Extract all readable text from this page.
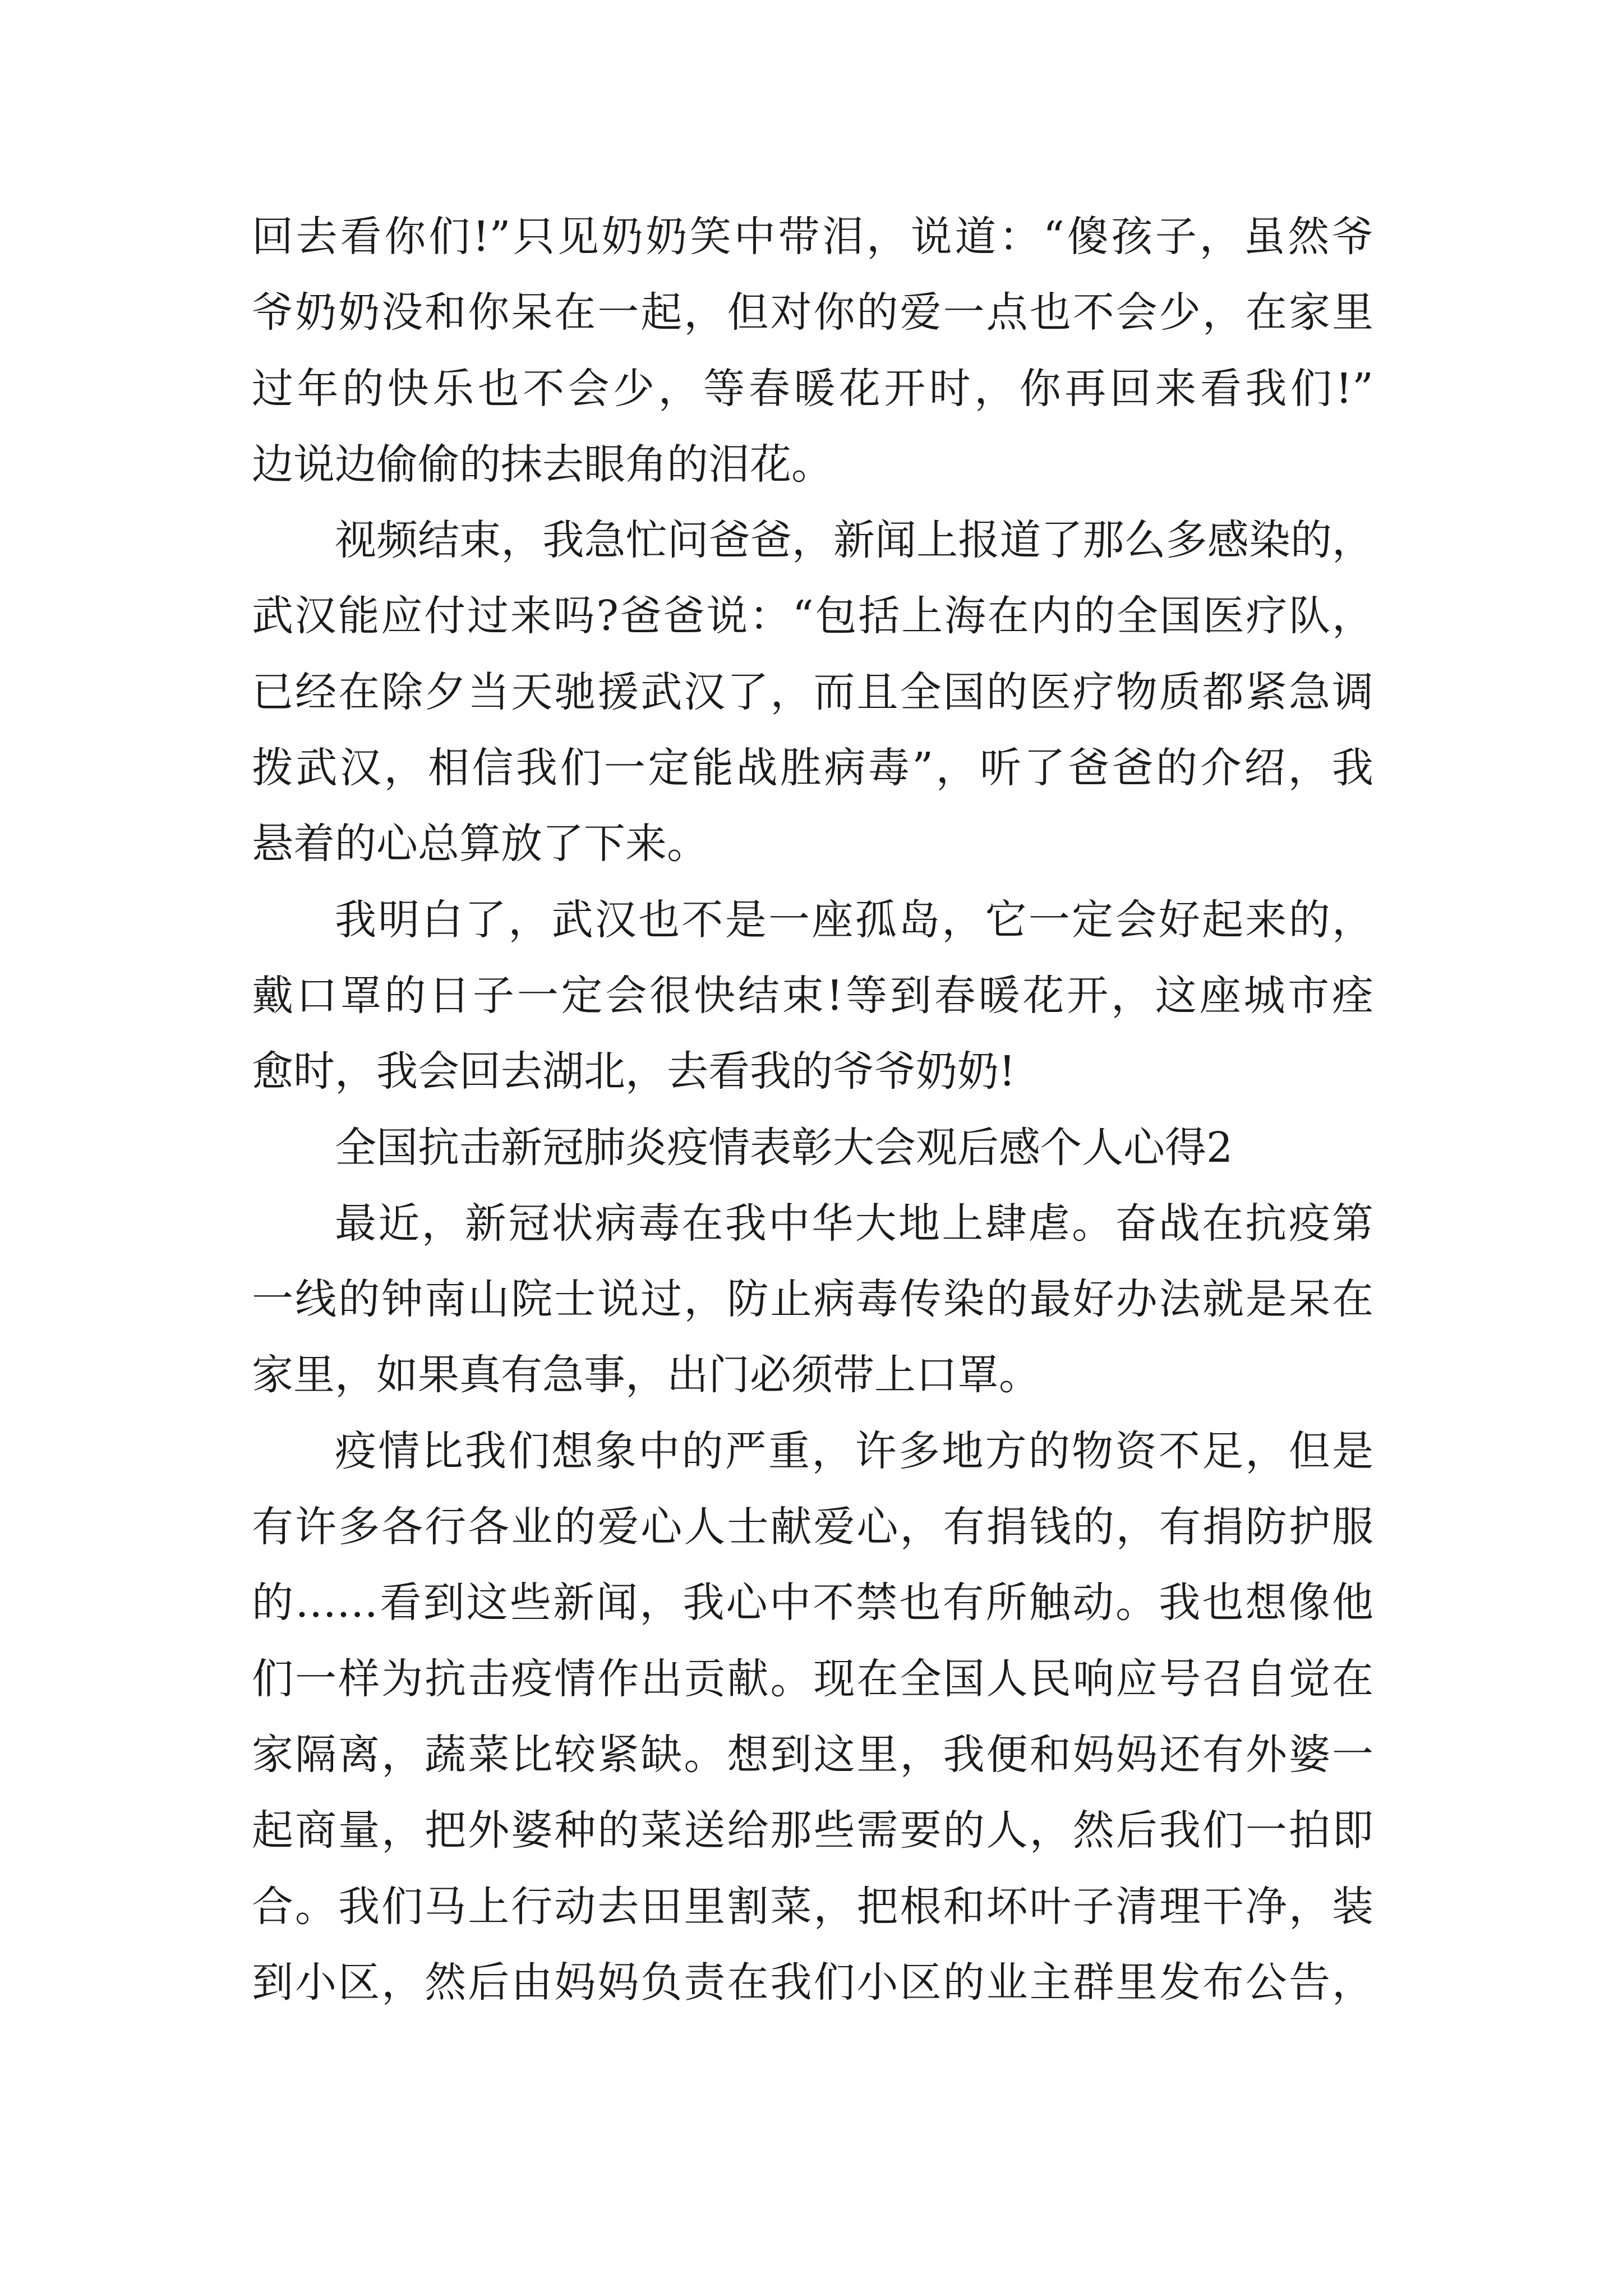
回去看你们!”只见奶奶笑中带泪，说道：“傻孩子，虽然爷
爷奶奶没和你呆在一起，但对你的爱一点也不会少，在家里
过年的快乐也不会少，等春暖花开时，你再回来看我们!”
边说边偷偷的抹去眼角的泪花。
视频结束，我急忙问爸爸，新闻上报道了那么多感染的，
武汉能应付过来吗?爸爸说：“包括上海在内的全国医疗队，
已经在除夕当天驰援武汉了，而且全国的医疗物质都紧急调
拨武汉，相信我们一定能战胜病毒”，听了爸爸的介绍，我
悬着的心总算放了下来。
我明白了，武汉也不是一座孤岛，它一定会好起来的，
戴口罩的日子一定会很快结束!等到春暖花开，这座城市痊
愈时，我会回去湖北，去看我的爷爷奶奶!
全国抗击新冠肺炎疫情表彰大会观后感个人心得2
最近，新冠状病毒在我中华大地上肆虐。奋战在抗疫第
一线的钟南山院士说过，防止病毒传染的最好办法就是呆在
家里，如果真有急事，出门必须带上口罩。
疫情比我们想象中的严重，许多地方的物资不足，但是
有许多各行各业的爱心人士献爱心，有捐钱的，有捐防护服
的……看到这些新闻，我心中不禁也有所触动。我也想像他
们一样为抗击疫情作出贡献。现在全国人民响应号召自觉在
家隔离，蔬菜比较紧缺。想到这里，我便和妈妈还有外婆一
起商量，把外婆种的菜送给那些需要的人，然后我们一拍即
合。我们马上行动去田里割菜，把根和坏叶子清理干净，装
到小区，然后由妈妈负责在我们小区的业主群里发布公告，
